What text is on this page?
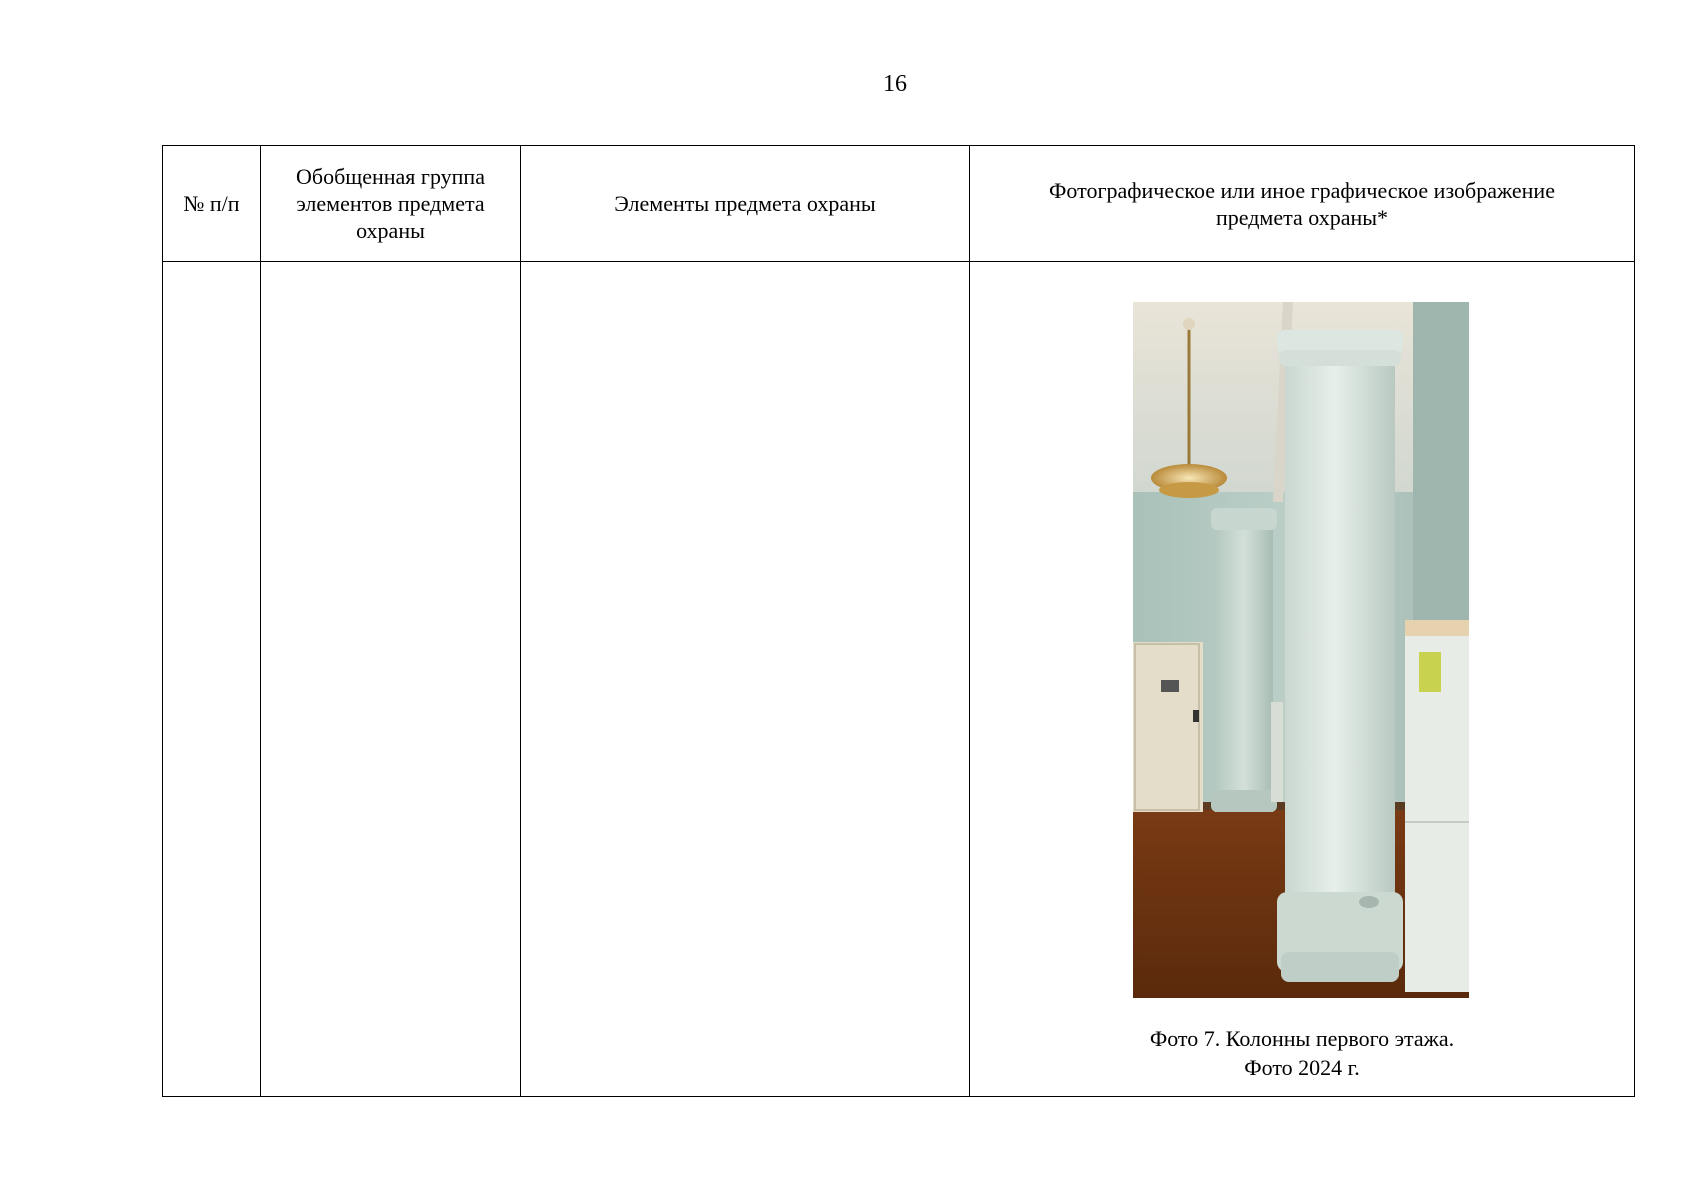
16
№ п/п	Обобщенная группа элементов предмета охраны	Элементы предмета охраны	Фотографическое или иное графическое изображение предмета охраны*

			Фото 7. Колонны первого этажа.
Фото 2024 г.
